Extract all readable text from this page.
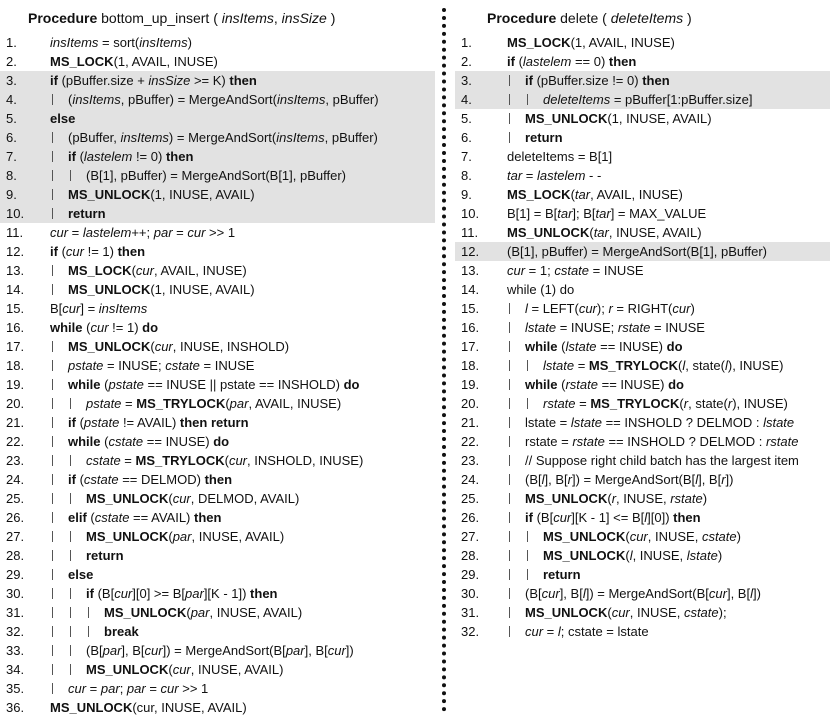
Procedure bottom_up_insert ( insItems, insSize )
1.	insItems = sort(insItems)
2.	MS_LOCK(1, AVAIL, INUSE)
3.	if (pBuffer.size + insSize >= K) then
4.	(insItems, pBuffer) = MergeAndSort(insItems, pBuffer)
5.	else
6.	(pBuffer, insItems) = MergeAndSort(insItems, pBuffer)
7.	if (lastelem != 0) then
8.	(B[1], pBuffer) = MergeAndSort(B[1], pBuffer)
9.	MS_UNLOCK(1, INUSE, AVAIL)
10.	return
11. cur = lastelem++; par = cur >> 1
12. if (cur != 1) then
13.	MS_LOCK(cur, AVAIL, INUSE)
14.	MS_UNLOCK(1, INUSE, AVAIL)
15. B[cur] = insItems
16. while (cur != 1) do
17.	MS_UNLOCK(cur, INUSE, INSHOLD)
18.	pstate = INUSE; cstate = INUSE
19.	while (pstate == INUSE || pstate == INSHOLD) do
20.	pstate = MS_TRYLOCK(par, AVAIL, INUSE)
21.	if (pstate != AVAIL) then return
22.	while (cstate == INUSE) do
23.	cstate = MS_TRYLOCK(cur, INSHOLD, INUSE)
24.	if (cstate == DELMOD) then
25.	MS_UNLOCK(cur, DELMOD, AVAIL)
26.	elif (cstate == AVAIL) then
27.	MS_UNLOCK(par, INUSE, AVAIL)
28.	return
29.	else
30.	if (B[cur][0] >= B[par][K - 1]) then
31.	MS_UNLOCK(par, INUSE, AVAIL)
32.	break
33.	(B[par], B[cur]) = MergeAndSort(B[par], B[cur])
34.	MS_UNLOCK(cur, INUSE, AVAIL)
35.	cur = par; par = cur >> 1
36. MS_UNLOCK(cur, INUSE, AVAIL)
Procedure delete ( deleteItems )
1.	MS_LOCK(1, AVAIL, INUSE)
2.	if (lastelem == 0) then
3.	if (pBuffer.size != 0) then
4.	deleteItems = pBuffer[1:pBuffer.size]
5.	MS_UNLOCK(1, INUSE, AVAIL)
6.	return
7.	deleteItems = B[1]
8.	tar = lastelem - -
9.	MS_LOCK(tar, AVAIL, INUSE)
10. B[1] = B[tar]; B[tar] = MAX_VALUE
11. MS_UNLOCK(tar, INUSE, AVAIL)
12. (B[1], pBuffer) = MergeAndSort(B[1], pBuffer)
13. cur = 1; cstate = INUSE
14. while (1) do
15.	l = LEFT(cur); r = RIGHT(cur)
16.	lstate = INUSE; rstate = INUSE
17.	while (lstate == INUSE) do
18.	lstate = MS_TRYLOCK(l, state(l), INUSE)
19.	while (rstate == INUSE) do
20.	rstate = MS_TRYLOCK(r, state(r), INUSE)
21.	lstate = lstate == INSHOLD ? DELMOD : lstate
22.	rstate = rstate == INSHOLD ? DELMOD : rstate
23.	// Suppose right child batch has the largest item
24.	(B[l], B[r]) = MergeAndSort(B[l], B[r])
25.	MS_UNLOCK(r, INUSE, rstate)
26.	if (B[cur][K - 1] <= B[l][0]) then
27.	MS_UNLOCK(cur, INUSE, cstate)
28.	MS_UNLOCK(l, INUSE, lstate)
29.	return
30.	(B[cur], B[l]) = MergeAndSort(B[cur], B[l])
31.	MS_UNLOCK(cur, INUSE, cstate);
32.	cur = l; cstate = lstate
